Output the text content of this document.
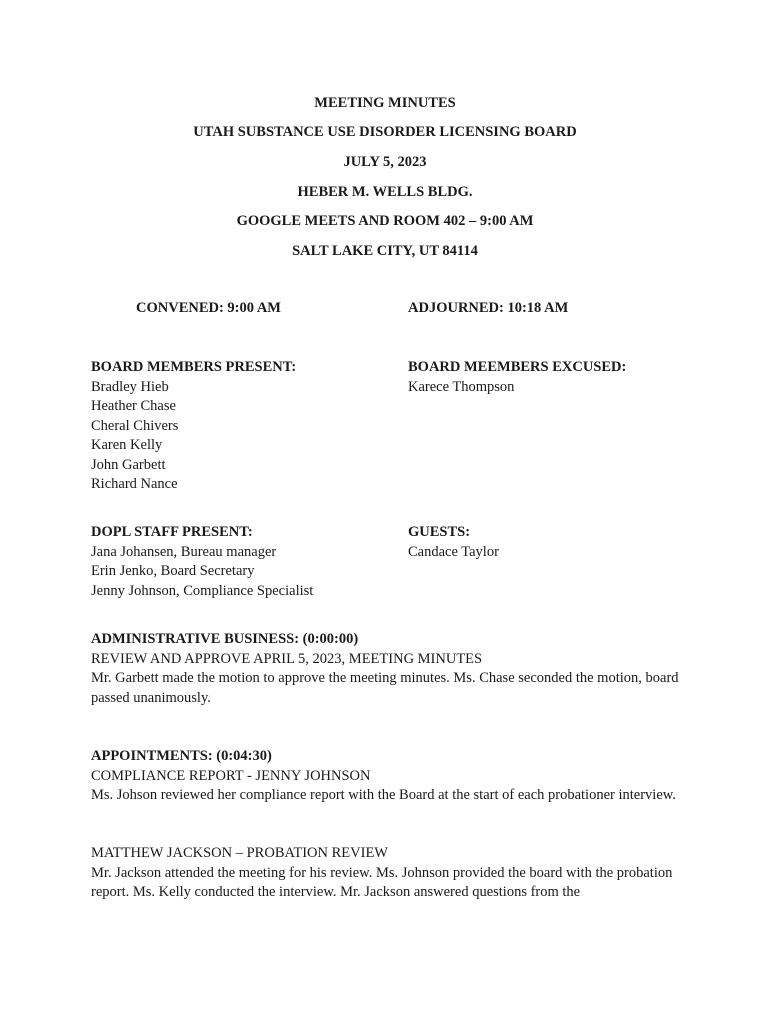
MEETING MINUTES
UTAH SUBSTANCE USE DISORDER LICENSING BOARD
JULY 5, 2023
HEBER M. WELLS BLDG.
GOOGLE MEETS AND ROOM 402 – 9:00 AM
SALT LAKE CITY, UT 84114
CONVENED: 9:00 AM	ADJOURNED: 10:18 AM
BOARD MEMBERS PRESENT:
Bradley Hieb
Heather Chase
Cheral Chivers
Karen Kelly
John Garbett
Richard Nance
BOARD MEEMBERS EXCUSED:
Karece Thompson
DOPL STAFF PRESENT:
Jana Johansen, Bureau manager
Erin Jenko, Board Secretary
Jenny Johnson, Compliance Specialist
GUESTS:
Candace Taylor
ADMINISTRATIVE BUSINESS: (0:00:00)
REVIEW AND APPROVE APRIL 5, 2023, MEETING MINUTES
Mr. Garbett made the motion to approve the meeting minutes. Ms. Chase seconded the motion, board passed unanimously.
APPOINTMENTS: (0:04:30)
COMPLIANCE REPORT - JENNY JOHNSON
Ms. Johson reviewed her compliance report with the Board at the start of each probationer interview.
MATTHEW JACKSON – PROBATION REVIEW
Mr. Jackson attended the meeting for his review. Ms. Johnson provided the board with the probation report. Ms. Kelly conducted the interview. Mr. Jackson answered questions from the
